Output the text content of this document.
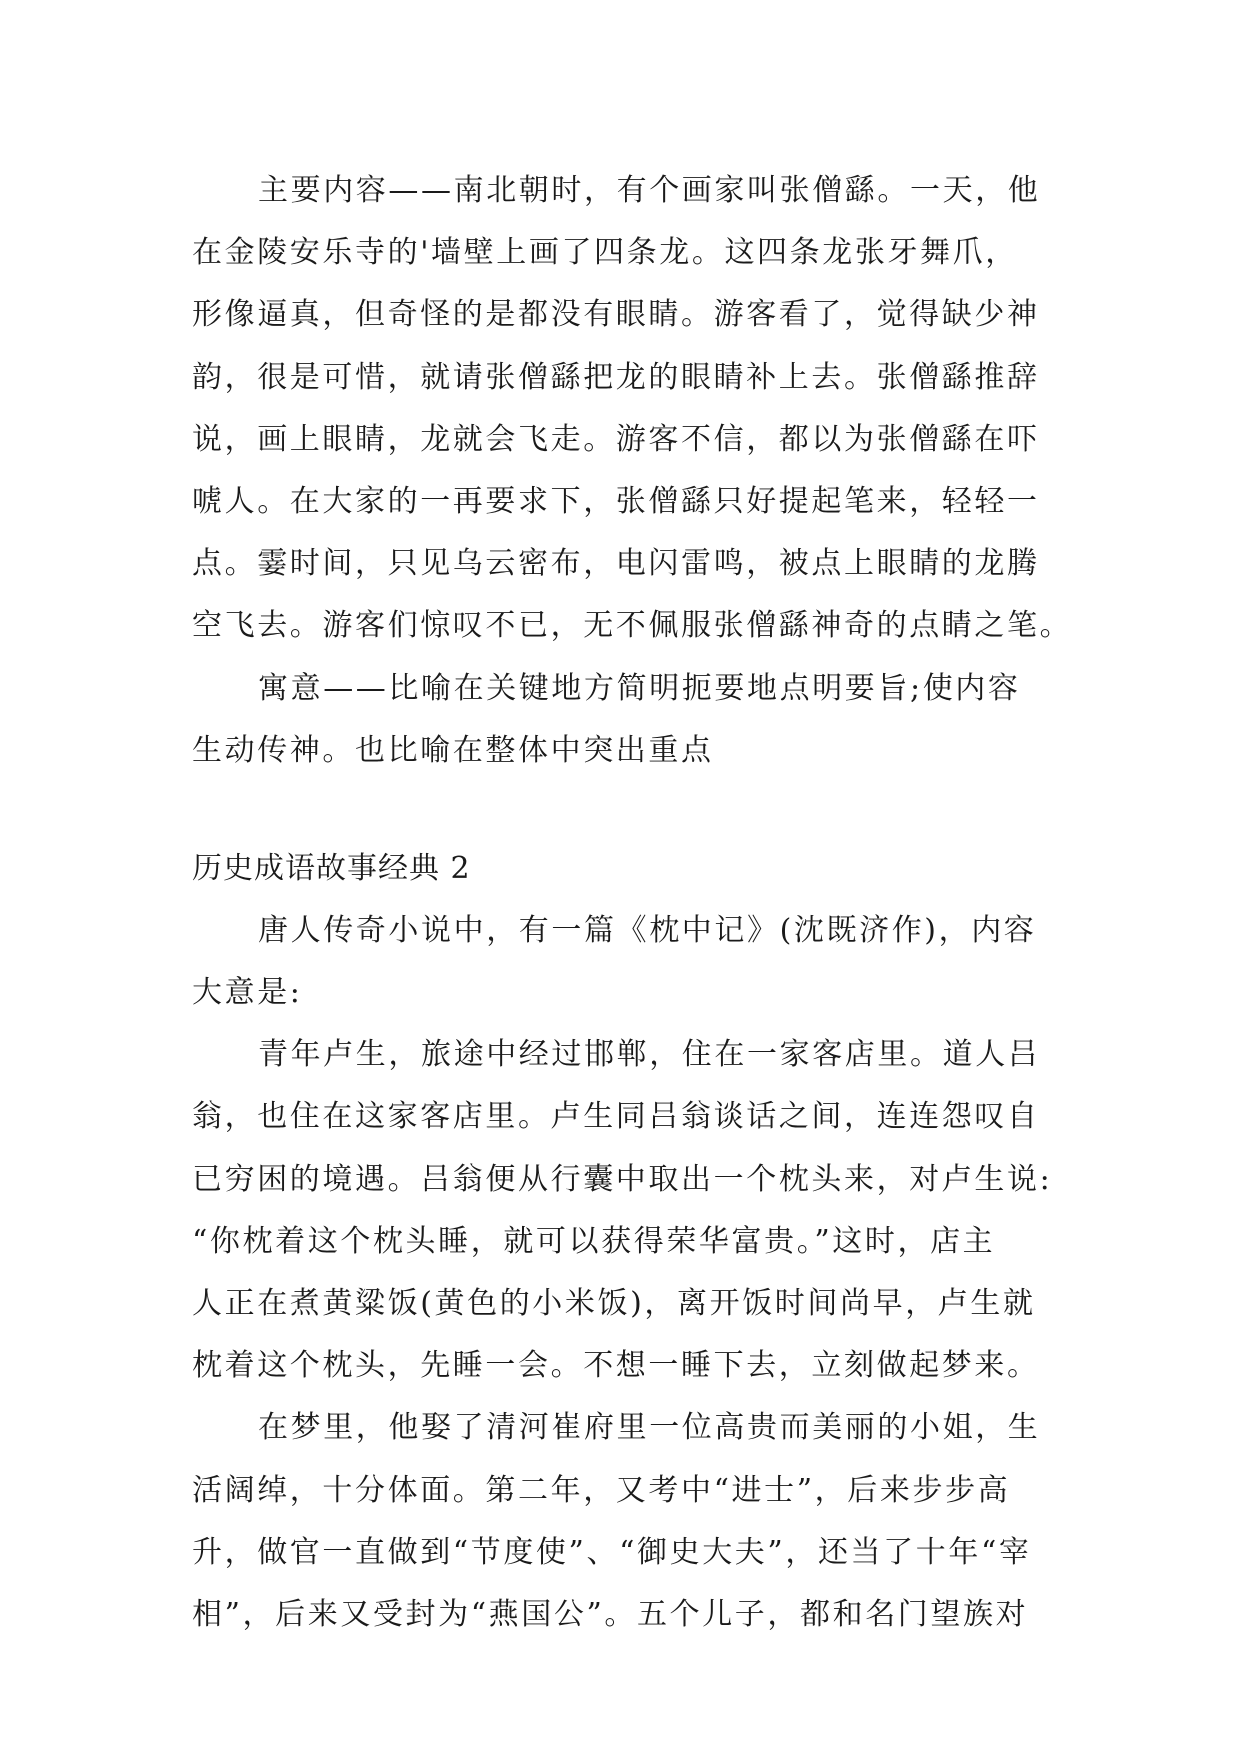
主要内容——南北朝时，有个画家叫张僧繇。一天，他
在金陵安乐寺的'墙壁上画了四条龙。这四条龙张牙舞爪，
形像逼真，但奇怪的是都没有眼睛。游客看了，觉得缺少神
韵，很是可惜，就请张僧繇把龙的眼睛补上去。张僧繇推辞
说，画上眼睛，龙就会飞走。游客不信，都以为张僧繇在吓
唬人。在大家的一再要求下，张僧繇只好提起笔来，轻轻一
点。霎时间，只见乌云密布，电闪雷鸣，被点上眼睛的龙腾
空飞去。游客们惊叹不已，无不佩服张僧繇神奇的点睛之笔。
寓意——比喻在关键地方简明扼要地点明要旨;使内容
生动传神。也比喻在整体中突出重点
历史成语故事经典 2
唐人传奇小说中，有一篇《枕中记》(沈既济作)，内容
大意是:
青年卢生，旅途中经过邯郸，住在一家客店里。道人吕
翁，也住在这家客店里。卢生同吕翁谈话之间，连连怨叹自
已穷困的境遇。吕翁便从行囊中取出一个枕头来，对卢生说:
“你枕着这个枕头睡，就可以获得荣华富贵。”这时，店主
人正在煮黄粱饭(黄色的小米饭)，离开饭时间尚早，卢生就
枕着这个枕头，先睡一会。不想一睡下去，立刻做起梦来。
在梦里，他娶了清河崔府里一位高贵而美丽的小姐，生
活阔绰，十分体面。第二年，又考中“进士”，后来步步高
升，做官一直做到“节度使”、“御史大夫”，还当了十年“宰
相”，后来又受封为“燕国公”。五个儿子，都和名门望族对
